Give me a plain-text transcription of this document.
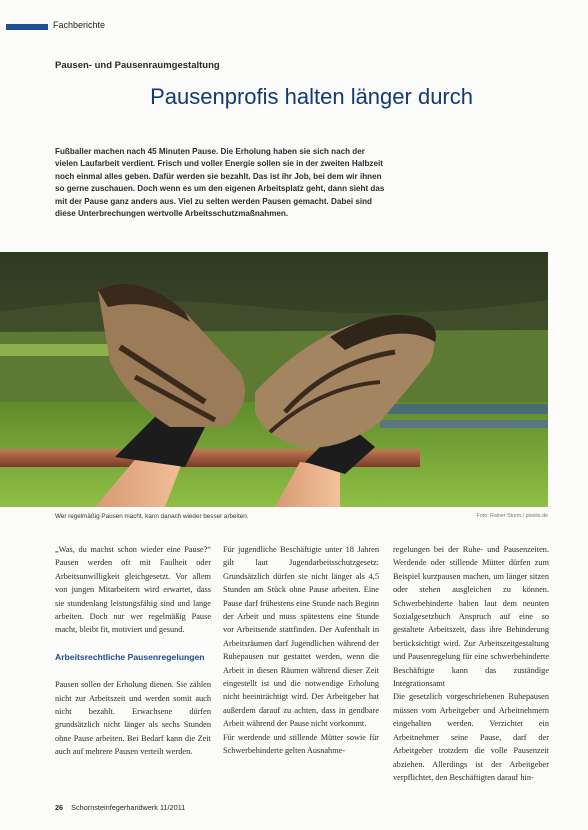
Fachberichte
Pausen- und Pausenraumgestaltung
Pausenprofis halten länger durch
Fußballer machen nach 45 Minuten Pause. Die Erholung haben sie sich nach der vielen Laufarbeit verdient. Frisch und voller Energie sollen sie in der zweiten Halbzeit noch einmal alles geben. Dafür werden sie bezahlt. Das ist ihr Job, bei dem wir ihnen so gerne zuschauen. Doch wenn es um den eigenen Arbeitsplatz geht, dann sieht das mit der Pause ganz anders aus. Viel zu selten werden Pausen gemacht. Dabei sind diese Unterbrechungen wertvolle Arbeitsschutzmaßnahmen.
Wer regelmäßig Pausen macht, kann danach wieder besser arbeiten.	Foto: Rainer Sturm / pixelio.de

„Was, du machst schon wieder eine Pause?“ Pausen werden oft mit Faulheit oder Arbeitsunwilligkeit gleichgesetzt. Vor allem von jungen Mitarbeitern wird erwartet, dass sie stundenlang leistungsfähig sind und lange arbeiten. Doch nur wer regelmäßig Pause macht, bleibt fit, motiviert und gesund.

Arbeitsrechtliche Pausenregelungen

Pausen sollen der Erholung dienen. Sie zählen nicht zur Arbeitszeit und werden somit auch nicht bezahlt. Erwachsene dürfen grundsätzlich nicht länger als sechs Stunden ohne Pause arbeiten. Bei Bedarf kann die Zeit auch auf mehrere Pausen verteilt werden.

Für jugendliche Beschäftigte unter 18 Jahren gilt laut Jugendarbeitsschutzgesetz: Grundsätzlich dürfen sie nicht länger als 4,5 Stunden am Stück ohne Pause arbeiten. Eine Pause darf frühestens eine Stunde nach Beginn der Arbeit und muss spätestens eine Stunde vor Arbeitsende stattfinden. Der Aufenthalt in Arbeitsräumen darf Jugendlichen während der Ruhepausen nur gestattet werden, wenn die Arbeit in diesen Räumen während dieser Zeit eingestellt ist und die notwendige Erholung nicht beeinträchtigt wird. Der Arbeitgeber hat außerdem darauf zu achten, dass in gendbare Arbeit während der Pause nicht vorkommt.

Für werdende und stillende Mütter sowie für Schwerbehinderte gelten Ausnahme-

regelungen bei der Ruhe- und Pausenzeiten. Werdende oder stillende Mütter dürfen zum Beispiel kurzpausen machen, um länger sitzen oder stehen ausgleichen zu können. Schwerbehinderte haben laut dem neunten Sozialgesetzbuch Anspruch auf eine so gestaltete Arbeitszeit, dass ihre Behinderung berücksichtigt wird. Zur Arbeitszeitgestaltung und Pausenregelung für eine schwerbehinderte Beschäftigte kann das zuständige Integrationsamt

Die gesetzlich vorgeschriebenen Ruhepausen müssen vom Arbeitgeber und Arbeitnehmern eingehalten werden. Verzichtet ein Arbeitnehmer seine Pause, darf der Arbeitgeber trotzdem die volle Pausenzeit abziehen. Allerdings ist der Arbeitgeber verpflichtet, den Beschäftigten darauf hin-

26 Schornsteinfegerhandwerk 11/2011
